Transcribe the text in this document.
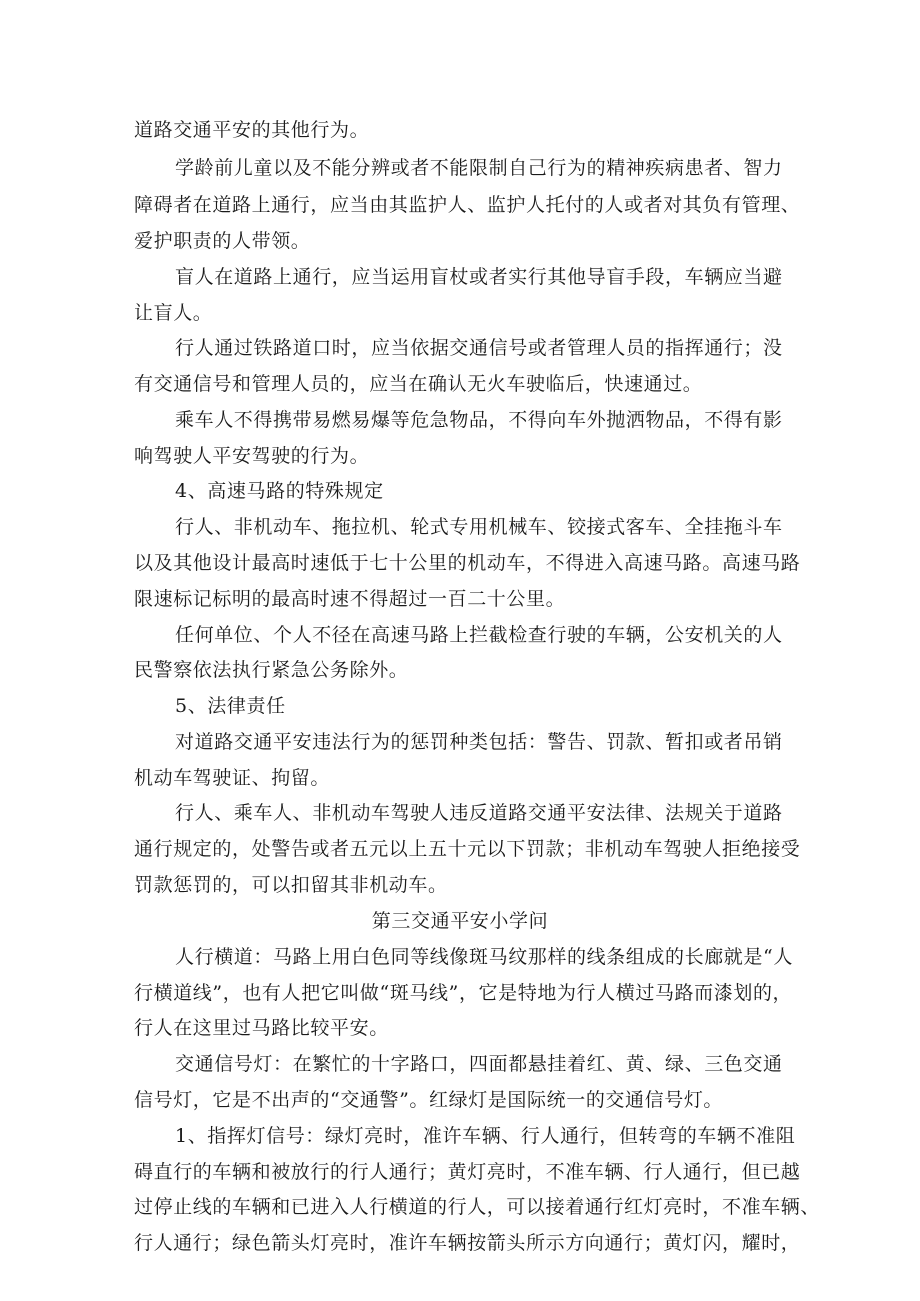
道路交通平安的其他行为。
学龄前儿童以及不能分辨或者不能限制自己行为的精神疾病患者、智力
障碍者在道路上通行，应当由其监护人、监护人托付的人或者对其负有管理、
爱护职责的人带领。
盲人在道路上通行，应当运用盲杖或者实行其他导盲手段，车辆应当避
让盲人。
行人通过铁路道口时，应当依据交通信号或者管理人员的指挥通行；没
有交通信号和管理人员的，应当在确认无火车驶临后，快速通过。
乘车人不得携带易燃易爆等危急物品，不得向车外抛洒物品，不得有影
响驾驶人平安驾驶的行为。
4、高速马路的特殊规定
行人、非机动车、拖拉机、轮式专用机械车、铰接式客车、全挂拖斗车
以及其他设计最高时速低于七十公里的机动车，不得进入高速马路。高速马路
限速标记标明的最高时速不得超过一百二十公里。
任何单位、个人不径在高速马路上拦截检查行驶的车辆，公安机关的人
民警察依法执行紧急公务除外。
5、法律责任
对道路交通平安违法行为的惩罚种类包括：警告、罚款、暂扣或者吊销
机动车驾驶证、拘留。
行人、乘车人、非机动车驾驶人违反道路交通平安法律、法规关于道路
通行规定的，处警告或者五元以上五十元以下罚款；非机动车驾驶人拒绝接受
罚款惩罚的，可以扣留其非机动车。
第三交通平安小学问
人行横道：马路上用白色同等线像斑马纹那样的线条组成的长廊就是“人
行横道线”，也有人把它叫做“斑马线”，它是特地为行人横过马路而漆划的，
行人在这里过马路比较平安。
交通信号灯：在繁忙的十字路口，四面都悬挂着红、黄、绿、三色交通
信号灯，它是不出声的“交通警”。红绿灯是国际统一的交通信号灯。
1、指挥灯信号：绿灯亮时，准许车辆、行人通行，但转弯的车辆不准阻
碍直行的车辆和被放行的行人通行；黄灯亮时，不准车辆、行人通行，但已越
过停止线的车辆和已进入人行横道的行人，可以接着通行红灯亮时，不准车辆、
行人通行；绿色箭头灯亮时，准许车辆按箭头所示方向通行；黄灯闪，耀时，
